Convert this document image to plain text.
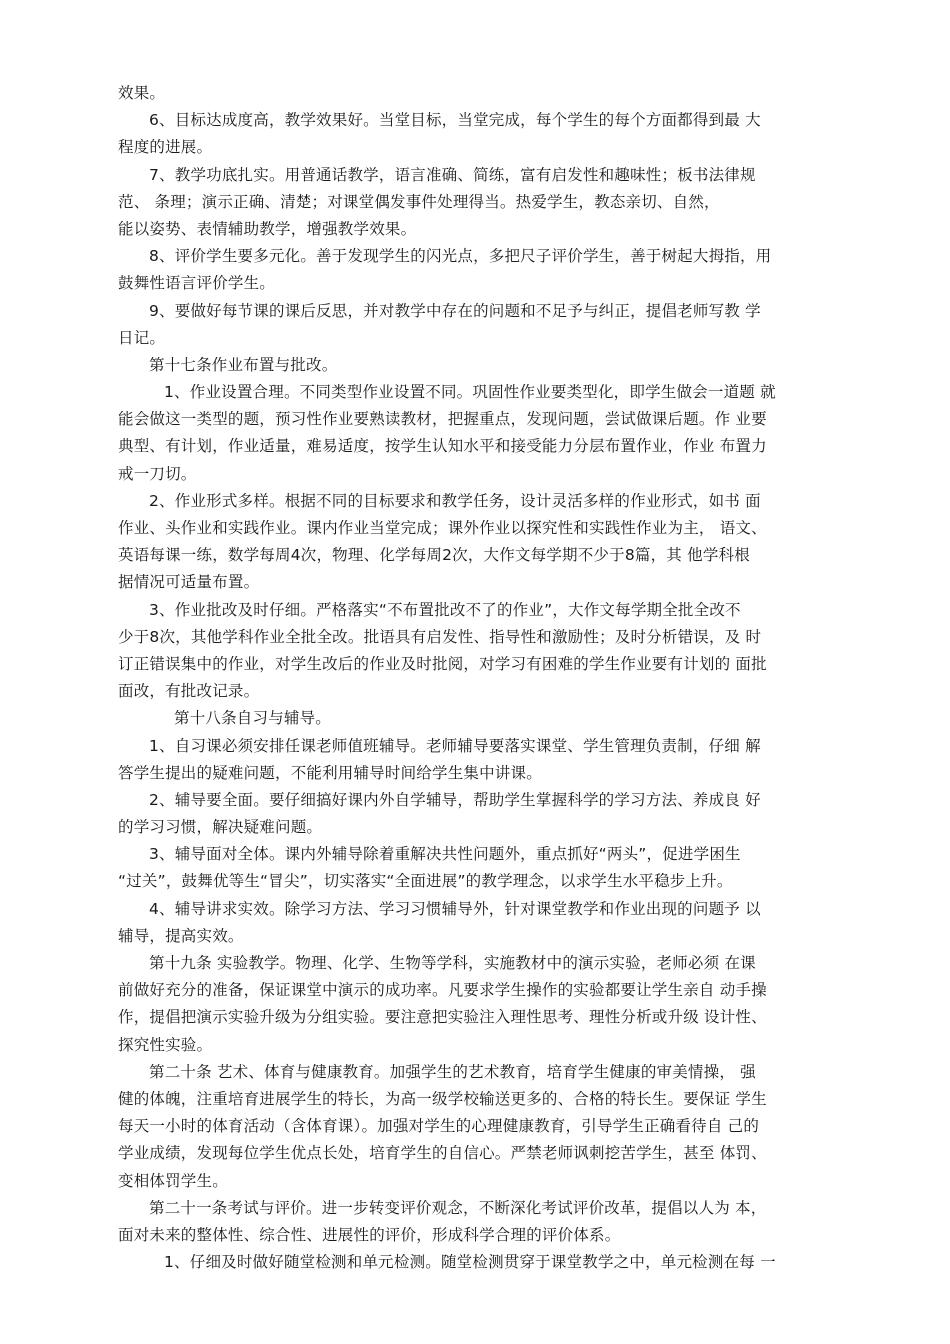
效果。
6、目标达成度高，教学效果好。当堂目标，当堂完成，每个学生的每个方面都得到最 大
程度的进展。
7、教学功底扎实。用普通话教学，语言准确、简练，富有启发性和趣味性；板书法律规
范、 条理；演示正确、清楚；对课堂偶发事件处理得当。热爱学生，教态亲切、自然，
能以姿势、表情辅助教学，增强教学效果。
8、评价学生要多元化。善于发现学生的闪光点，多把尺子评价学生，善于树起大拇指，用
鼓舞性语言评价学生。
9、要做好每节课的课后反思，并对教学中存在的问题和不足予与纠正，提倡老师写教 学
日记。
第十七条作业布置与批改。
1、作业设置合理。不同类型作业设置不同。巩固性作业要类型化，即学生做会一道题 就
能会做这一类型的题，预习性作业要熟读教材，把握重点，发现问题，尝试做课后题。作 业要
典型、有计划，作业适量，难易适度，按学生认知水平和接受能力分层布置作业，作业 布置力
戒一刀切。
2、作业形式多样。根据不同的目标要求和教学任务，设计灵活多样的作业形式，如书 面
作业、头作业和实践作业。课内作业当堂完成；课外作业以探究性和实践性作业为主， 语文、
英语每课一练，数学每周4次，物理、化学每周2次，大作文每学期不少于8篇，其 他学科根
据情况可适量布置。
3、作业批改及时仔细。严格落实“不布置批改不了的作业”，大作文每学期全批全改不
少于8次，其他学科作业全批全改。批语具有启发性、指导性和激励性；及时分析错误，及 时
订正错误集中的作业，对学生改后的作业及时批阅，对学习有困难的学生作业要有计划的 面批
面改，有批改记录。
第十八条自习与辅导。
1、自习课必须安排任课老师值班辅导。老师辅导要落实课堂、学生管理负责制，仔细 解
答学生提出的疑难问题，不能利用辅导时间给学生集中讲课。
2、辅导要全面。要仔细搞好课内外自学辅导，帮助学生掌握科学的学习方法、养成良 好
的学习习惯，解决疑难问题。
3、辅导面对全体。课内外辅导除着重解决共性问题外，重点抓好“两头”，促进学困生
“过关”，鼓舞优等生“冒尖”，切实落实“全面进展”的教学理念，以求学生水平稳步上升。
4、辅导讲求实效。除学习方法、学习习惯辅导外，针对课堂教学和作业出现的问题予 以
辅导，提高实效。
第十九条 实验教学。物理、化学、生物等学科，实施教材中的演示实验，老师必须 在课
前做好充分的准备，保证课堂中演示的成功率。凡要求学生操作的实验都要让学生亲自 动手操
作，提倡把演示实验升级为分组实验。要注意把实验注入理性思考、理性分析或升级 设计性、
探究性实验。
第二十条 艺术、体育与健康教育。加强学生的艺术教育，培育学生健康的审美情操， 强
健的体魄，注重培育进展学生的特长，为高一级学校输送更多的、合格的特长生。要保证 学生
每天一小时的体育活动（含体育课）。加强对学生的心理健康教育，引导学生正确看待自 己的
学业成绩，发现每位学生优点长处，培育学生的自信心。严禁老师讽刺挖苦学生，甚至 体罚、
变相体罚学生。
第二十一条考试与评价。进一步转变评价观念，不断深化考试评价改革，提倡以人为 本，
面对未来的整体性、综合性、进展性的评价，形成科学合理的评价体系。
1、仔细及时做好随堂检测和单元检测。随堂检测贯穿于课堂教学之中，单元检测在每 一
